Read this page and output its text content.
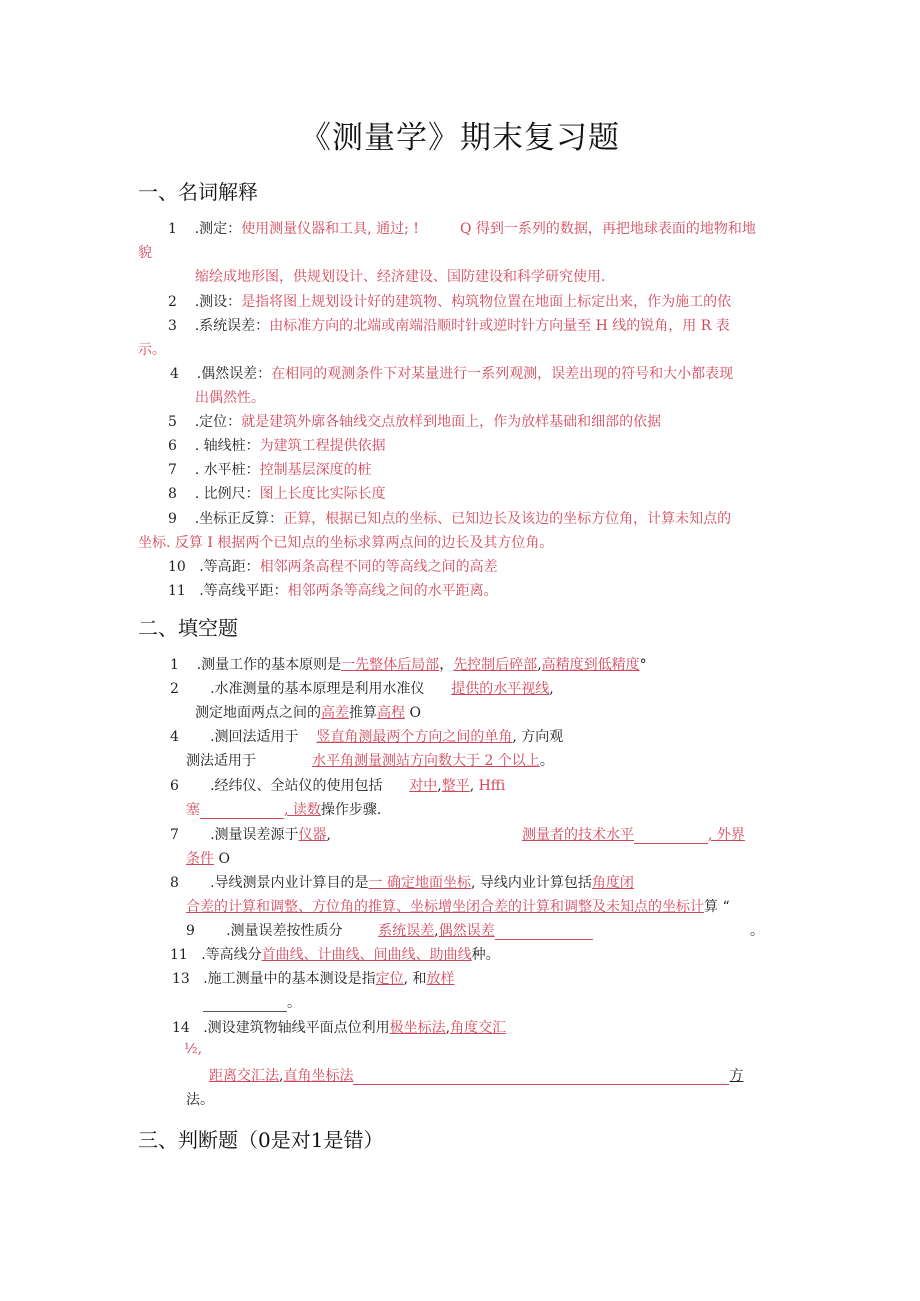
《测量学》期末复习题
一、名词解释
1 .测定：使用测量仪器和工具, 通过; !	Q 得到一系列的数据，再把地球表面的地物和地
貌
缩绘成地形图，供规划设计、经济建设、国防建设和科学研究使用.
2 .测设：是指将图上规划设计好的建筑物、构筑物位置在地面上标定出来，作为施工的依
3 .系统误差：由标准方向的北端或南端沿顺时针或逆时针方向量至 H 线的锐角，用 R 表
示。
4 .偶然误差：在相同的观测条件下对某量进行一系列观测，误差出现的符号和大小都表现
出偶然性。
5 .定位：就是建筑外廓各轴线交点放样到地面上，作为放样基础和细部的依据
6 . 轴线桩：为建筑工程提供依据
7 . 水平桩：控制基层深度的桩
8 . 比例尺：图上长度比实际长度
9 .坐标正反算：正算，根据已知点的坐标、已知边长及该边的坐标方位角，计算未知点的
坐标. 反算 I 根据两个已知点的坐标求算两点间的边长及其方位角。
10 .等高距：相邻两条高程不同的等高线之间的高差
11 .等高线平距：相邻两条等高线之间的水平距离。
二、填空题
1 .测量工作的基本原则是一先整体后局部，先控制后碎部,高精度到低精度°
2 .水准测量的基本原理是利用水准仪 提供的水平视线,
测定地面两点之间的高差推算高程 O
4 .测回法适用于 竖直角测最两个方向之间的单角, 方向观
测法适用于	水平角测量测站方向数大于 2 个以上。
6 .经纬仪、全站仪的使用包括 对中,整平, Hffi
塞	, 读数操作步骤.
7 .测量误差源于仪器,	测量者的技术水平	, 外界
条件 O
8 .导线测景内业计算目的是一 确定地面坐标, 导线内业计算包括角度闭
合差的计算和调整、方位角的推算、坐标增坐闭合差的计算和调整及未知点的坐标计算 “
9 .测量误差按性质分	系统误差,偶然误差	。
11 .等高线分首曲线、计曲线、间曲线、助曲线种。
13 .施工测量中的基本测设是指定位, 和放样
。
14 .测设建筑物轴线平面点位利用极坐标法,角度交汇
½,
距离交汇法,直角坐标法	方
法。
三、判断题（0是对1是错）
